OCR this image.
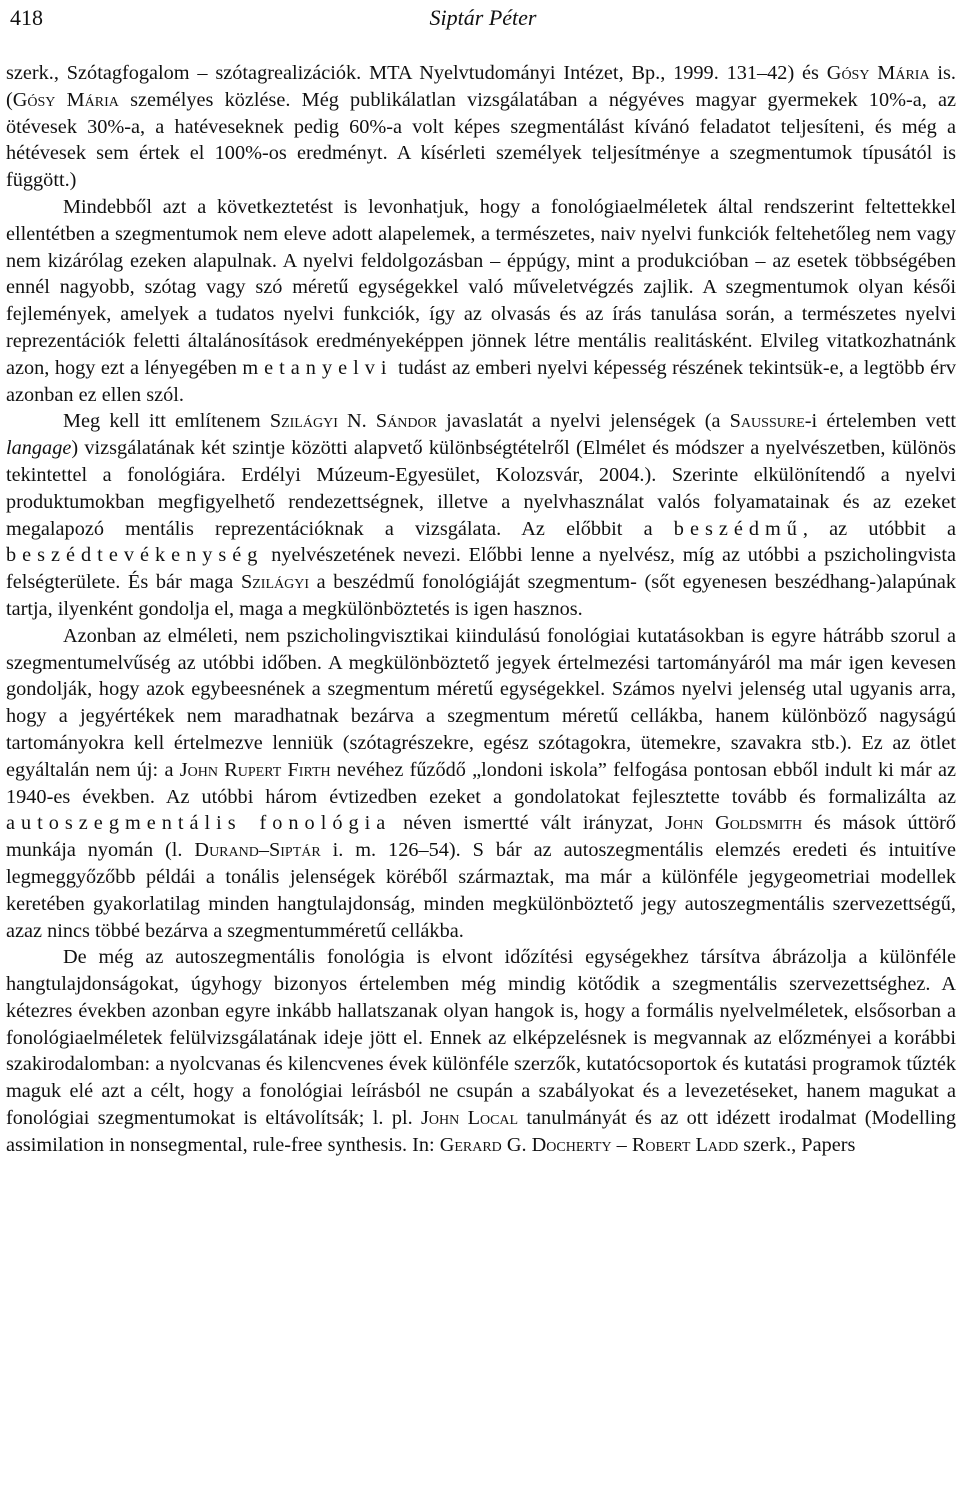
418	Siptár Péter

szerk., Szótagfogalom – szótagrealizációk. MTA Nyelvtudományi Intézet, Bp., 1999. 131–42) és Gósy Mária is. (Gósy Mária személyes közlése. Még publikálatlan vizsgálatában a négyéves magyar gyermekek 10%-a, az ötévesek 30%-a, a hatéveseknek pedig 60%-a volt képes szegmentálást kívánó feladatot teljesíteni, és még a hétévesek sem értek el 100%-os eredményt. A kísérleti személyek teljesítménye a szegmentumok típusától is függött.)

Mindebből azt a következtetést is levonhatjuk, hogy a fonológiaelméletek által rendszerint feltettekkel ellentétben a szegmentumok nem eleve adott alapelemek, a természetes, naiv nyelvi funkciók feltehetőleg nem vagy nem kizárólag ezeken alapulnak. A nyelvi feldolgozásban – éppúgy, mint a produkcióban – az esetek többségében ennél nagyobb, szótag vagy szó méretű egységekkel való műveletvégzés zajlik. A szegmentumok olyan késői fejlemények, amelyek a tudatos nyelvi funkciók, így az olvasás és az írás tanulása során, a természetes nyelvi reprezentációk feletti általánosítások eredményeképpen jönnek létre mentális realitásként. Elvileg vitatkozhatnánk azon, hogy ezt a lényegében metanyelvi tudást az emberi nyelvi képesség részének tekintsük-e, a legtöbb érv azonban ez ellen szól.

Meg kell itt említenem Szilágyi N. Sándor javaslatát a nyelvi jelenségek (a Saussure-i értelemben vett langage) vizsgálatának két szintje közötti alapvető különbségtételről (Elmélet és módszer a nyelvészetben, különös tekintettel a fonológiára. Erdélyi Múzeum-Egyesület, Kolozsvár, 2004.). Szerinte elkülönítendő a nyelvi produktumokban megfigyelhető rendezettségnek, illetve a nyelvhasználat valós folyamatainak és az ezeket megalapozó mentális reprezentációknak a vizsgálata. Az előbbit a beszédmű, az utóbbit a beszédtevékenység nyelvészetének nevezi. Előbbi lenne a nyelvész, míg az utóbbi a pszicholingvista felségterülete. És bár maga Szilágyi a beszédmű fonológiáját szegmentum- (sőt egyenesen beszédhang-)alapúnak tartja, ilyenként gondolja el, maga a megkülönböztetés is igen hasznos.

Azonban az elméleti, nem pszicholingvisztikai kiindulású fonológiai kutatásokban is egyre hátrább szorul a szegmentumelvűség az utóbbi időben. A megkülönböztető jegyek értelmezési tartományáról ma már igen kevesen gondolják, hogy azok egybeesnének a szegmentum méretű egységekkel. Számos nyelvi jelenség utal ugyanis arra, hogy a jegyértékek nem maradhatnak bezárva a szegmentum méretű cellákba, hanem különböző nagyságú tartományokra kell értelmezve lenniük (szótagrészekre, egész szótagokra, ütemekre, szavakra stb.). Ez az ötlet egyáltalán nem új: a John Rupert Firth nevéhez fűződő „londoni iskola” felfogása pontosan ebből indult ki már az 1940-es években. Az utóbbi három évtizedben ezeket a gondolatokat fejlesztette tovább és formalizálta az autoszegmentális fonológia néven ismertté vált irányzat, John Goldsmith és mások úttörő munkája nyomán (l. Durand–Siptár i. m. 126–54). S bár az autoszegmentális elemzés eredeti és intuitíve legmeggyőzőbb példái a tonális jelenségek köréből származtak, ma már a különféle jegygeometriai modellek keretében gyakorlatilag minden hangtulajdonság, minden megkülönböztető jegy autoszegmentális szervezettségű, azaz nincs többé bezárva a szegmentumméretű cellákba.

De még az autoszegmentális fonológia is elvont időzítési egységekhez társítva ábrázolja a különféle hangtulajdonságokat, úgyhogy bizonyos értelemben még mindig kötődik a szegmentális szervezettséghez. A kétezres években azonban egyre inkább hallatszanak olyan hangok is, hogy a formális nyelvelméletek, elsősorban a fonológiaelméletek felülvizsgálatának ideje jött el. Ennek az elképzelésnek is megvannak az előzményei a korábbi szakirodalomban: a nyolcvanas és kilencvenes évek különféle szerzők, kutatócsoportok és kutatási programok tűzték maguk elé azt a célt, hogy a fonológiai leírásból ne csupán a szabályokat és a levezetéseket, hanem magukat a fonológiai szegmentumokat is eltávolítsák; l. pl. John Local tanulmányát és az ott idézett irodalmat (Modelling assimilation in nonsegmental, rule-free synthesis. In: Gerard G. Docherty – Robert Ladd szerk., Papers
